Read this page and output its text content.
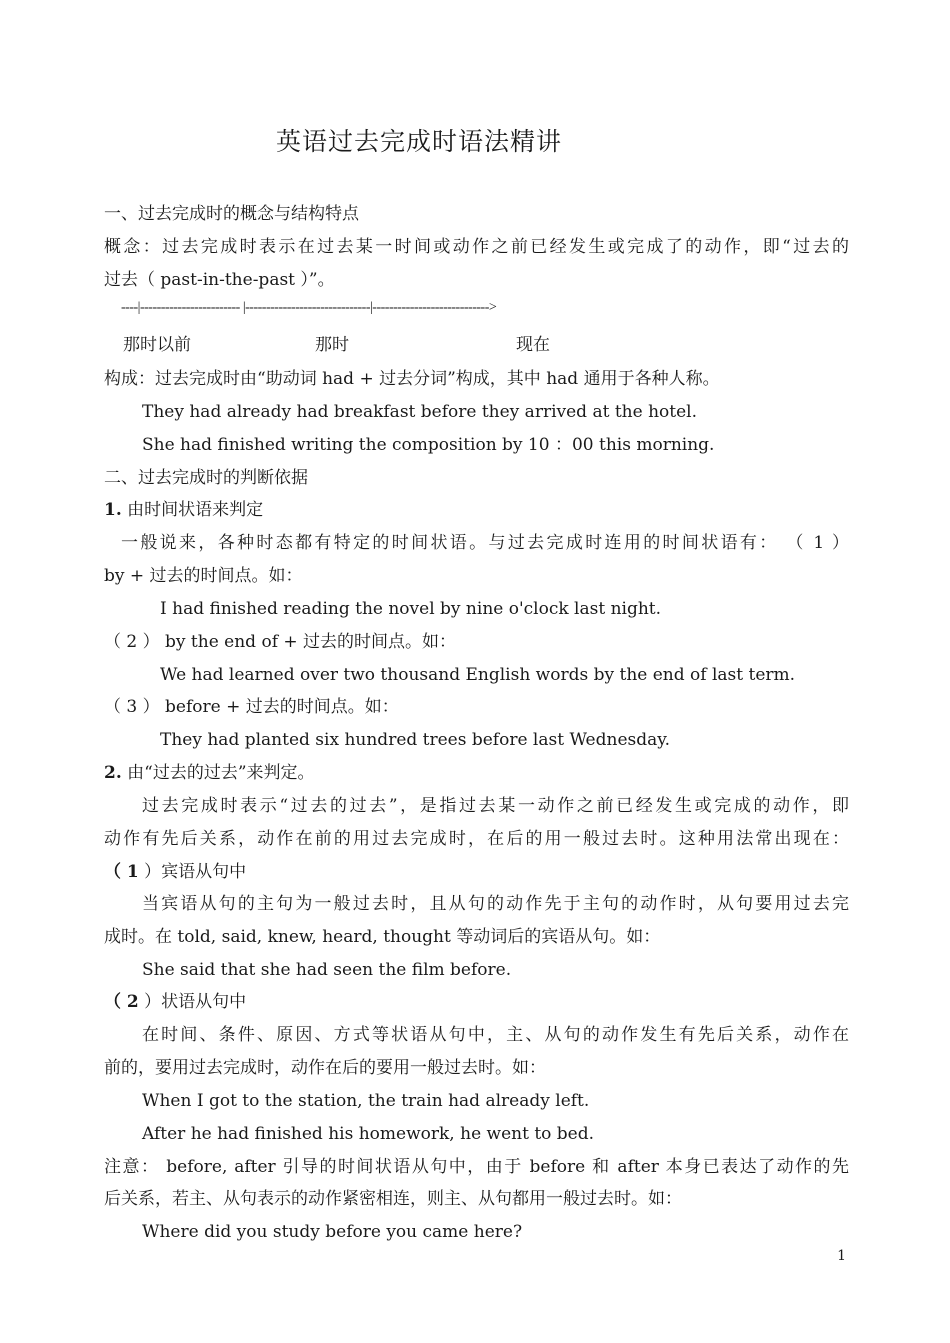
英语过去完成时语法精讲
一、过去完成时的概念与结构特点
概念：过去完成时表示在过去某一时间或动作之前已经发生或完成了的动作，即“过去的
过去（ past-in-the-past ）”。
----|------------------------ |------------------------------|---------------------------->
那时以前	那时	现在
构成：过去完成时由“助动词 had + 过去分词”构成，其中 had 通用于各种人称。
They had already had breakfast before they arrived at the hotel.
She had finished writing the composition by 10 ：00 this morning.
二、过去完成时的判断依据
1. 由时间状语来判定
一般说来，各种时态都有特定的时间状语。与过去完成时连用的时间状语有： （ 1 ）
by + 过去的时间点。如：
I had finished reading the novel by nine o'clock last night.
（ 2 ） by the end of + 过去的时间点。如：
We had learned over two thousand English words by the end of last term.
（ 3 ） before + 过去的时间点。如：
They had planted six hundred trees before last Wednesday.
2. 由“过去的过去”来判定。
过去完成时表示“过去的过去”，是指过去某一动作之前已经发生或完成的动作，即
动作有先后关系，动作在前的用过去完成时，在后的用一般过去时。这种用法常出现在：
（ 1 ）宾语从句中
当宾语从句的主句为一般过去时，且从句的动作先于主句的动作时，从句要用过去完
成时。在 told, said, knew, heard, thought 等动词后的宾语从句。如：
She said that she had seen the film before.
（ 2 ）状语从句中
在时间、条件、原因、方式等状语从句中，主、从句的动作发生有先后关系，动作在
前的，要用过去完成时，动作在后的要用一般过去时。如：
When I got to the station, the train had already left.
After he had finished his homework, he went to bed.
注意： before, after 引导的时间状语从句中，由于 before 和 after 本身已表达了动作的先
后关系，若主、从句表示的动作紧密相连，则主、从句都用一般过去时。如：
Where did you study before you came here?
1
